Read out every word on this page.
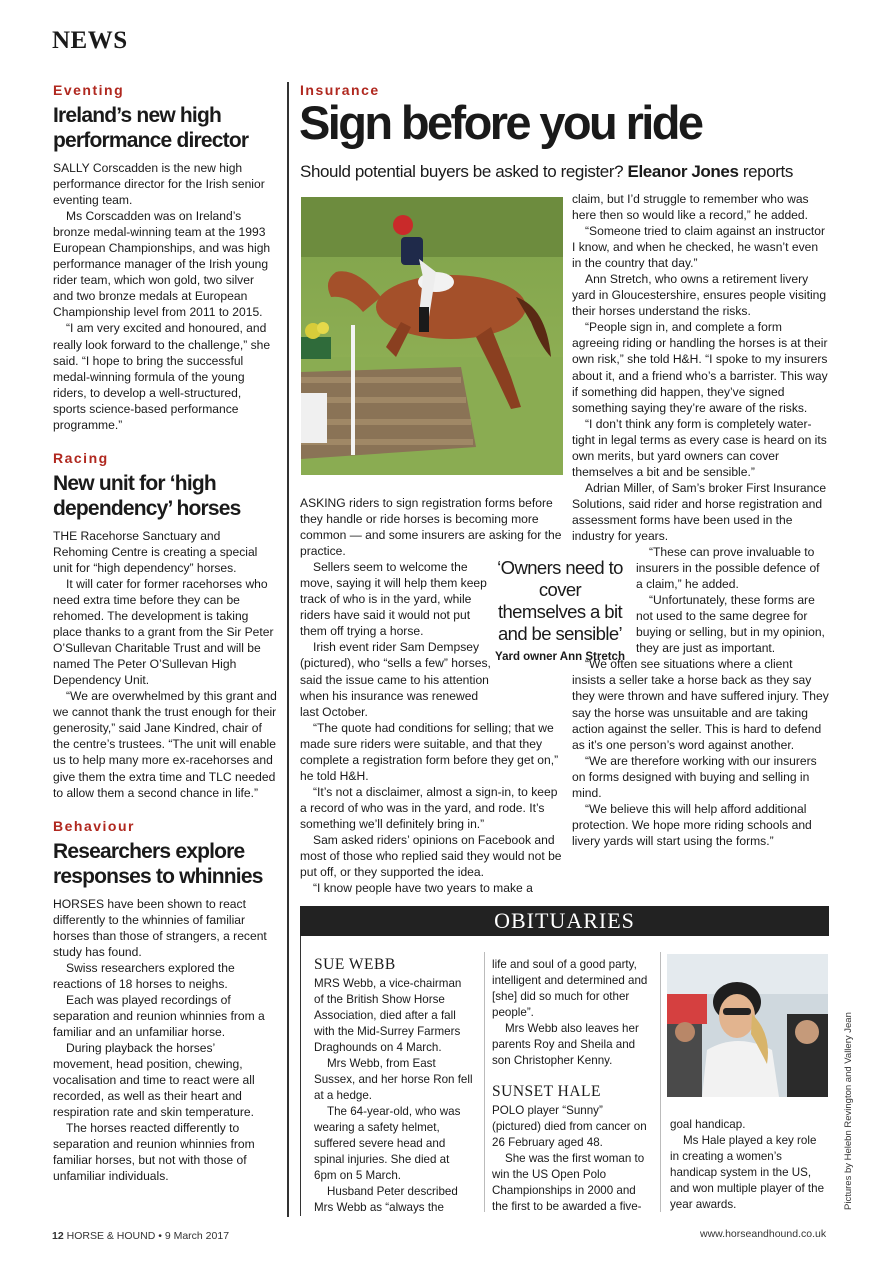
NEWS
Eventing
Ireland’s new high performance director

SALLY Corscadden is the new high performance director for the Irish senior eventing team.

Ms Corscadden was on Ireland’s bronze medal-winning team at the 1993 European Championships, and was high performance manager of the Irish young rider team, which won gold, two silver and two bronze medals at European Championship level from 2011 to 2015.

“I am very excited and honoured, and really look forward to the challenge,” she said. “I hope to bring the successful medal-winning formula of the young riders, to develop a well-structured, sports science-based performance programme.”

Racing
New unit for ‘high dependency’ horses

THE Racehorse Sanctuary and Rehoming Centre is creating a special unit for “high dependency” horses.

It will cater for former racehorses who need extra time before they can be rehomed. The development is taking place thanks to a grant from the Sir Peter O’Sullevan Charitable Trust and will be named The Peter O’Sullevan High Dependency Unit.

“We are overwhelmed by this grant and we cannot thank the trust enough for their generosity,” said Jane Kindred, chair of the centre’s trustees. “The unit will enable us to help many more ex-racehorses and give them the extra time and TLC needed to allow them a second chance in life.”

Behaviour
Researchers explore responses to whinnies

HORSES have been shown to react differently to the whinnies of familiar horses than those of strangers, a recent study has found.

Swiss researchers explored the reactions of 18 horses to neighs.

Each was played recordings of separation and reunion whinnies from a familiar and an unfamiliar horse.

During playback the horses’ movement, head position, chewing, vocalisation and time to react were all recorded, as well as their heart and respiration rate and skin temperature.

The horses reacted differently to separation and reunion whinnies from familiar horses, but not with those of unfamiliar individuals.

Insurance
Sign before you ride
Should potential buyers be asked to register? Eleanor Jones reports

ASKING riders to sign registration forms before they handle or ride horses is becoming more common — and some insurers are asking for the practice.

Sellers seem to welcome the move, saying it will help them keep track of who is in the yard, while riders have said it would not put them off trying a horse.

Irish event rider Sam Dempsey (pictured), who “sells a few” horses, said the issue came to his attention when his insurance was renewed last October.

“The quote had conditions for selling; that we made sure riders were suitable, and that they complete a registration form before they get on,” he told H&H.

“It’s not a disclaimer, almost a sign-in, to keep a record of who was in the yard, and rode. It’s something we’ll definitely bring in.”

Sam asked riders’ opinions on Facebook and most of those who replied said they would not be put off, or they supported the idea.

“I know people have two years to make a

‘Owners need to cover themselves a bit and be sensible’
Yard owner Ann Stretch

claim, but I’d struggle to remember who was here then so would like a record,” he added.

“Someone tried to claim against an instructor I know, and when he checked, he wasn’t even in the country that day.”

Ann Stretch, who owns a retirement livery yard in Gloucestershire, ensures people visiting their horses understand the risks.

“People sign in, and complete a form agreeing riding or handling the horses is at their own risk,” she told H&H. “I spoke to my insurers about it, and a friend who’s a barrister. This way if something did happen, they’ve signed something saying they’re aware of the risks.

“I don’t think any form is completely water-tight in legal terms as every case is heard on its own merits, but yard owners can cover themselves a bit and be sensible.”

Adrian Miller, of Sam’s broker First Insurance Solutions, said rider and horse registration and assessment forms have been used in the industry for years.

“These can prove invaluable to insurers in the possible defence of a claim,” he added.

“Unfortunately, these forms are not used to the same degree for buying or selling, but in my opinion, they are just as important.

“We often see situations where a client insists a seller take a horse back as they say they were thrown and have suffered injury. They say the horse was unsuitable and are taking action against the seller. This is hard to defend as it’s one person’s word against another.

“We are therefore working with our insurers on forms designed with buying and selling in mind.

“We believe this will help afford additional protection. We hope more riding schools and livery yards will start using the forms.”

OBITUARIES
SUE WEBB

MRS Webb, a vice-chairman of the British Show Horse Association, died after a fall with the Mid-Surrey Farmers Draghounds on 4 March.

Mrs Webb, from East Sussex, and her horse Ron fell at a hedge.

The 64-year-old, who was wearing a safety helmet, suffered severe head and spinal injuries. She died at 6pm on 5 March.

Husband Peter described Mrs Webb as “always the

life and soul of a good party, intelligent and determined and [she] did so much for other people”.

Mrs Webb also leaves her parents Roy and Sheila and son Christopher Kenny.

SUNSET HALE

POLO player “Sunny” (pictured) died from cancer on 26 February aged 48.

She was the first woman to win the US Open Polo Championships in 2000 and the first to be awarded a five-

goal handicap.

Ms Hale played a key role in creating a women’s handicap system in the US, and won multiple player of the year awards.	Pictures by Helebn Revington and Vallery Jean
12 HORSE & HOUND • 9 March 2017	www.horseandhound.co.uk
